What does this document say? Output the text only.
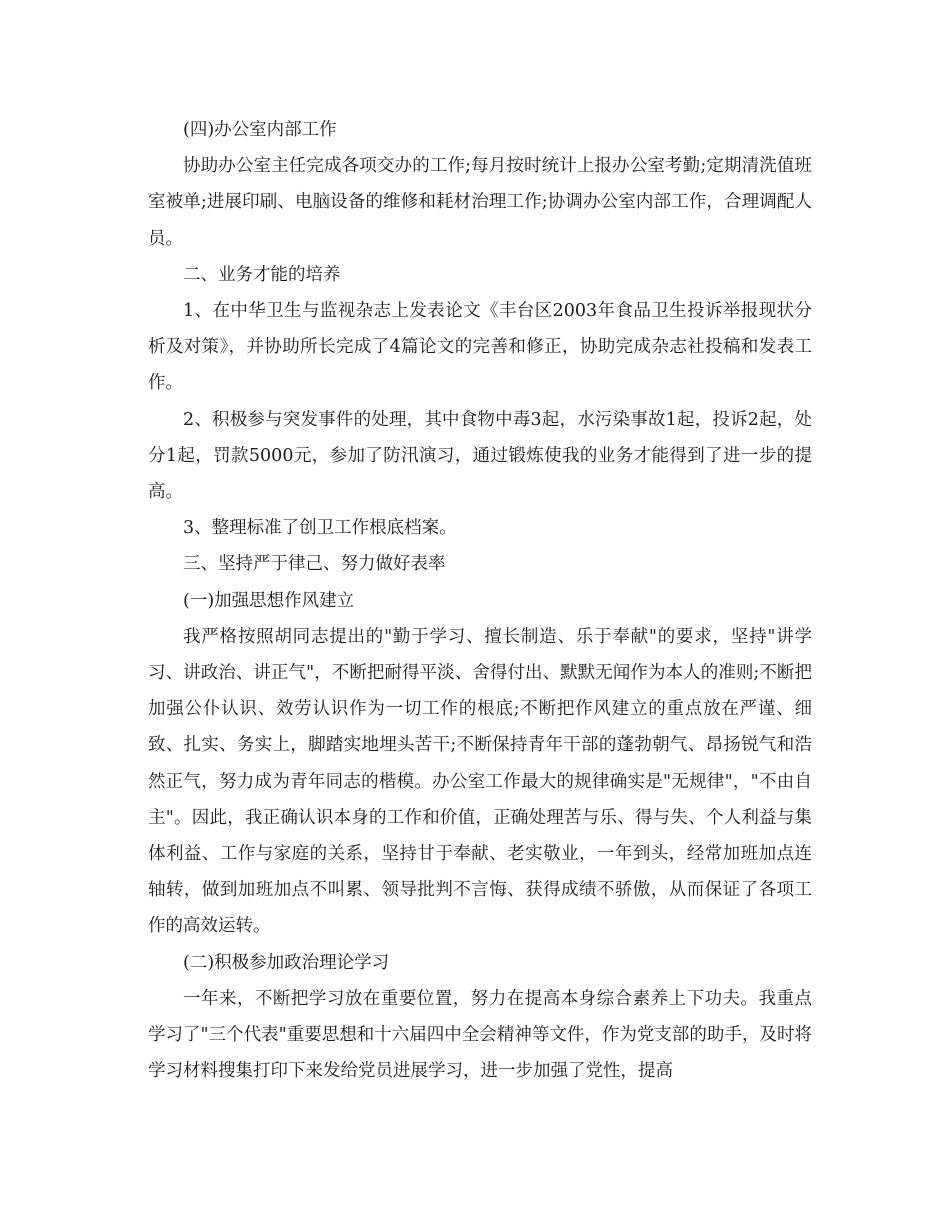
(四)办公室内部工作

协助办公室主任完成各项交办的工作;每月按时统计上报办公室考勤;定期清洗值班室被单;进展印刷、电脑设备的维修和耗材治理工作;协调办公室内部工作，合理调配人员。

二、业务才能的培养

1、在中华卫生与监视杂志上发表论文《丰台区2003年食品卫生投诉举报现状分析及对策》，并协助所长完成了4篇论文的完善和修正，协助完成杂志社投稿和发表工作。

2、积极参与突发事件的处理，其中食物中毒3起，水污染事故1起，投诉2起，处分1起，罚款5000元，参加了防汛演习，通过锻炼使我的业务才能得到了进一步的提高。

3、整理标准了创卫工作根底档案。

三、坚持严于律己、努力做好表率

(一)加强思想作风建立

我严格按照胡同志提出的"勤于学习、擅长制造、乐于奉献"的要求，坚持"讲学习、讲政治、讲正气"，不断把耐得平淡、舍得付出、默默无闻作为本人的准则;不断把加强公仆认识、效劳认识作为一切工作的根底;不断把作风建立的重点放在严谨、细致、扎实、务实上，脚踏实地埋头苦干;不断保持青年干部的蓬勃朝气、昂扬锐气和浩然正气，努力成为青年同志的楷模。办公室工作最大的规律确实是"无规律"，"不由自主"。因此，我正确认识本身的工作和价值，正确处理苦与乐、得与失、个人利益与集体利益、工作与家庭的关系，坚持甘于奉献、老实敬业，一年到头，经常加班加点连轴转，做到加班加点不叫累、领导批判不言悔、获得成绩不骄傲，从而保证了各项工作的高效运转。

(二)积极参加政治理论学习

一年来，不断把学习放在重要位置，努力在提高本身综合素养上下功夫。我重点学习了"三个代表"重要思想和十六届四中全会精神等文件，作为党支部的助手，及时将学习材料搜集打印下来发给党员进展学习，进一步加强了党性，提高
